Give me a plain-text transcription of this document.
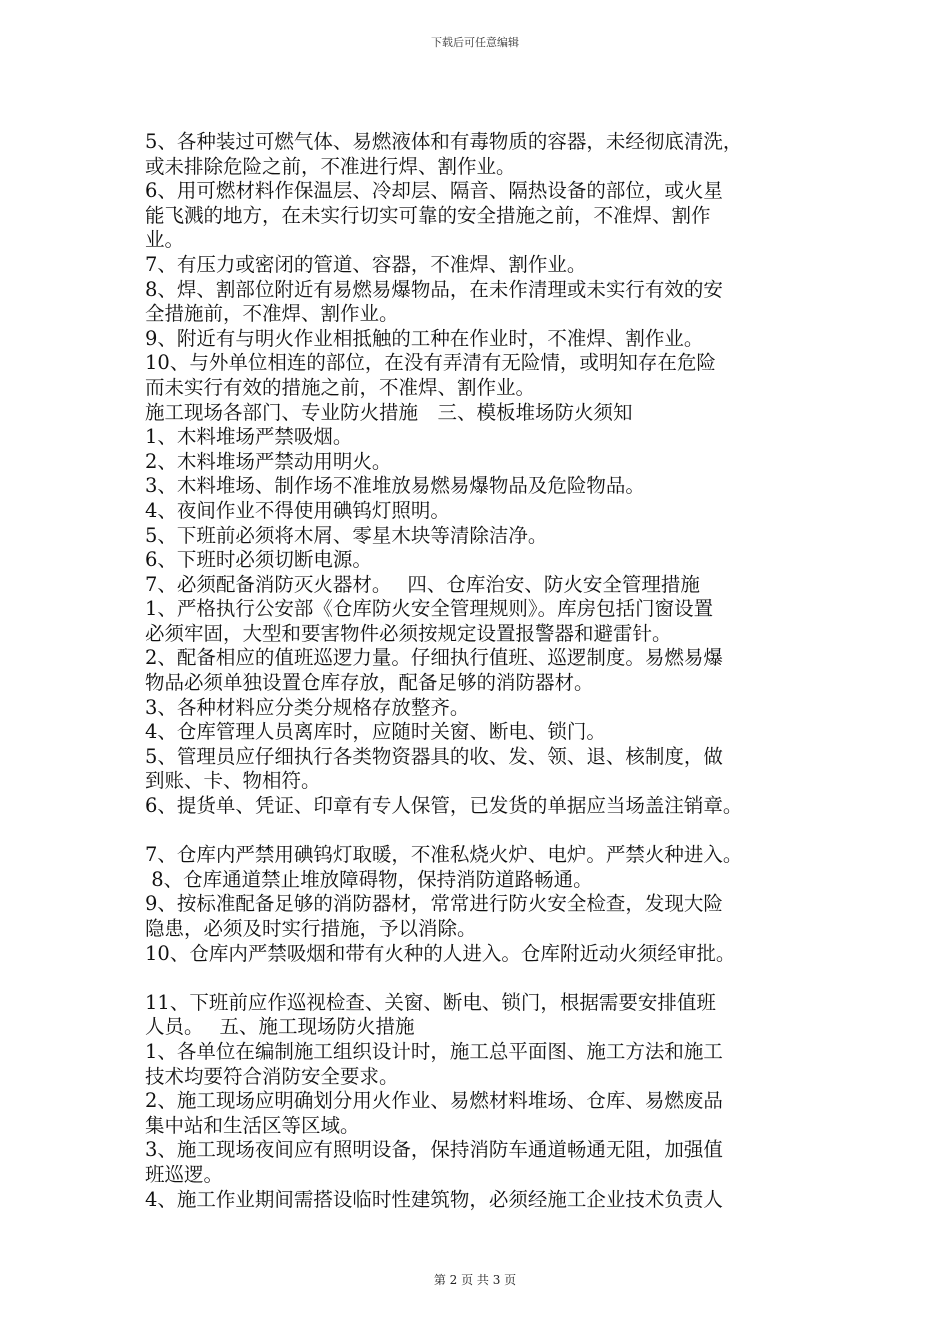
下载后可任意编辑

5、各种装过可燃气体、易燃液体和有毒物质的容器，未经彻底清洗，

或未排除危险之前，不准进行焊、割作业。

6、用可燃材料作保温层、冷却层、隔音、隔热设备的部位，或火星

能飞溅的地方，在未实行切实可靠的安全措施之前，不准焊、割作

业。

7、有压力或密闭的管道、容器，不准焊、割作业。

8、焊、割部位附近有易燃易爆物品，在未作清理或未实行有效的安

全措施前，不准焊、割作业。

9、附近有与明火作业相抵触的工种在作业时，不准焊、割作业。

10、与外单位相连的部位，在没有弄清有无险情，或明知存在危险

而未实行有效的措施之前，不准焊、割作业。

施工现场各部门、专业防火措施　三、模板堆场防火须知

1、木料堆场严禁吸烟。

2、木料堆场严禁动用明火。

3、木料堆场、制作场不准堆放易燃易爆物品及危险物品。

4、夜间作业不得使用碘钨灯照明。

5、下班前必须将木屑、零星木块等清除洁净。

6、下班时必须切断电源。

7、必须配备消防灭火器材。　 四、仓库治安、防火安全管理措施

1、严格执行公安部《仓库防火安全管理规则》。库房包括门窗设置

必须牢固，大型和要害物件必须按规定设置报警器和避雷针。

2、配备相应的值班巡逻力量。仔细执行值班、巡逻制度。易燃易爆

物品必须单独设置仓库存放，配备足够的消防器材。

3、各种材料应分类分规格存放整齐。

4、仓库管理人员离库时，应随时关窗、断电、锁门。

5、管理员应仔细执行各类物资器具的收、发、领、退、核制度，做

到账、卡、物相符。

6、提货单、凭证、印章有专人保管，已发货的单据应当场盖注销章。

7、仓库内严禁用碘钨灯取暖，不准私烧火炉、电炉。严禁火种进入。

8、仓库通道禁止堆放障碍物，保持消防道路畅通。

9、按标准配备足够的消防器材，常常进行防火安全检查，发现大险

隐患，必须及时实行措施，予以消除。

10、仓库内严禁吸烟和带有火种的人进入。仓库附近动火须经审批。

11、下班前应作巡视检查、关窗、断电、锁门，根据需要安排值班

人员。　 五、施工现场防火措施

1、各单位在编制施工组织设计时，施工总平面图、施工方法和施工

技术均要符合消防安全要求。

2、施工现场应明确划分用火作业、易燃材料堆场、仓库、易燃废品

集中站和生活区等区域。

3、施工现场夜间应有照明设备，保持消防车通道畅通无阻，加强值

班巡逻。

4、施工作业期间需搭设临时性建筑物，必须经施工企业技术负责人

第 2 页 共 3 页
